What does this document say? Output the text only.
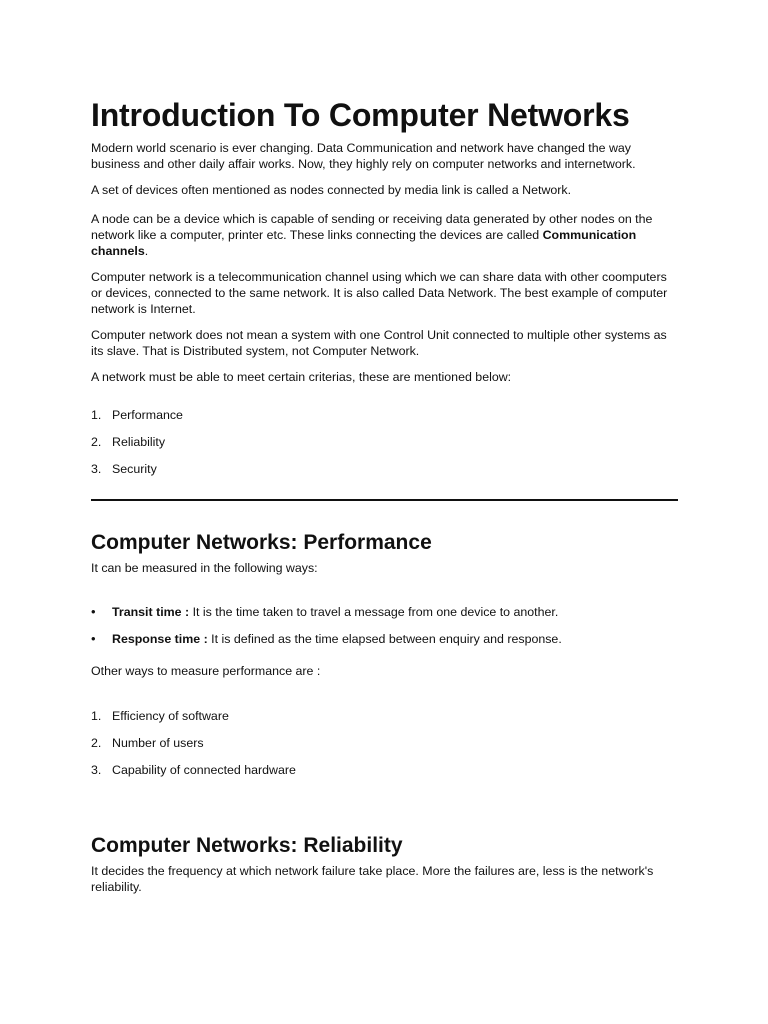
Introduction To Computer Networks

Modern world scenario is ever changing. Data Communication and network have changed the way business and other daily affair works. Now, they highly rely on computer networks and internetwork.

A set of devices often mentioned as nodes connected by media link is called a Network.

A node can be a device which is capable of sending or receiving data generated by other nodes on the network like a computer, printer etc. These links connecting the devices are called Communication channels.

Computer network is a telecommunication channel using which we can share data with other coomputers or devices, connected to the same network. It is also called Data Network. The best example of computer network is Internet.

Computer network does not mean a system with one Control Unit connected to multiple other systems as its slave. That is Distributed system, not Computer Network.

A network must be able to meet certain criterias, these are mentioned below:

1. Performance
2. Reliability
3. Security
Computer Networks: Performance

It can be measured in the following ways:

• Transit time : It is the time taken to travel a message from one device to another.
• Response time : It is defined as the time elapsed between enquiry and response.

Other ways to measure performance are :

1. Efficiency of software
2. Number of users
3. Capability of connected hardware
Computer Networks: Reliability

It decides the frequency at which network failure take place. More the failures are, less is the network's reliability.
